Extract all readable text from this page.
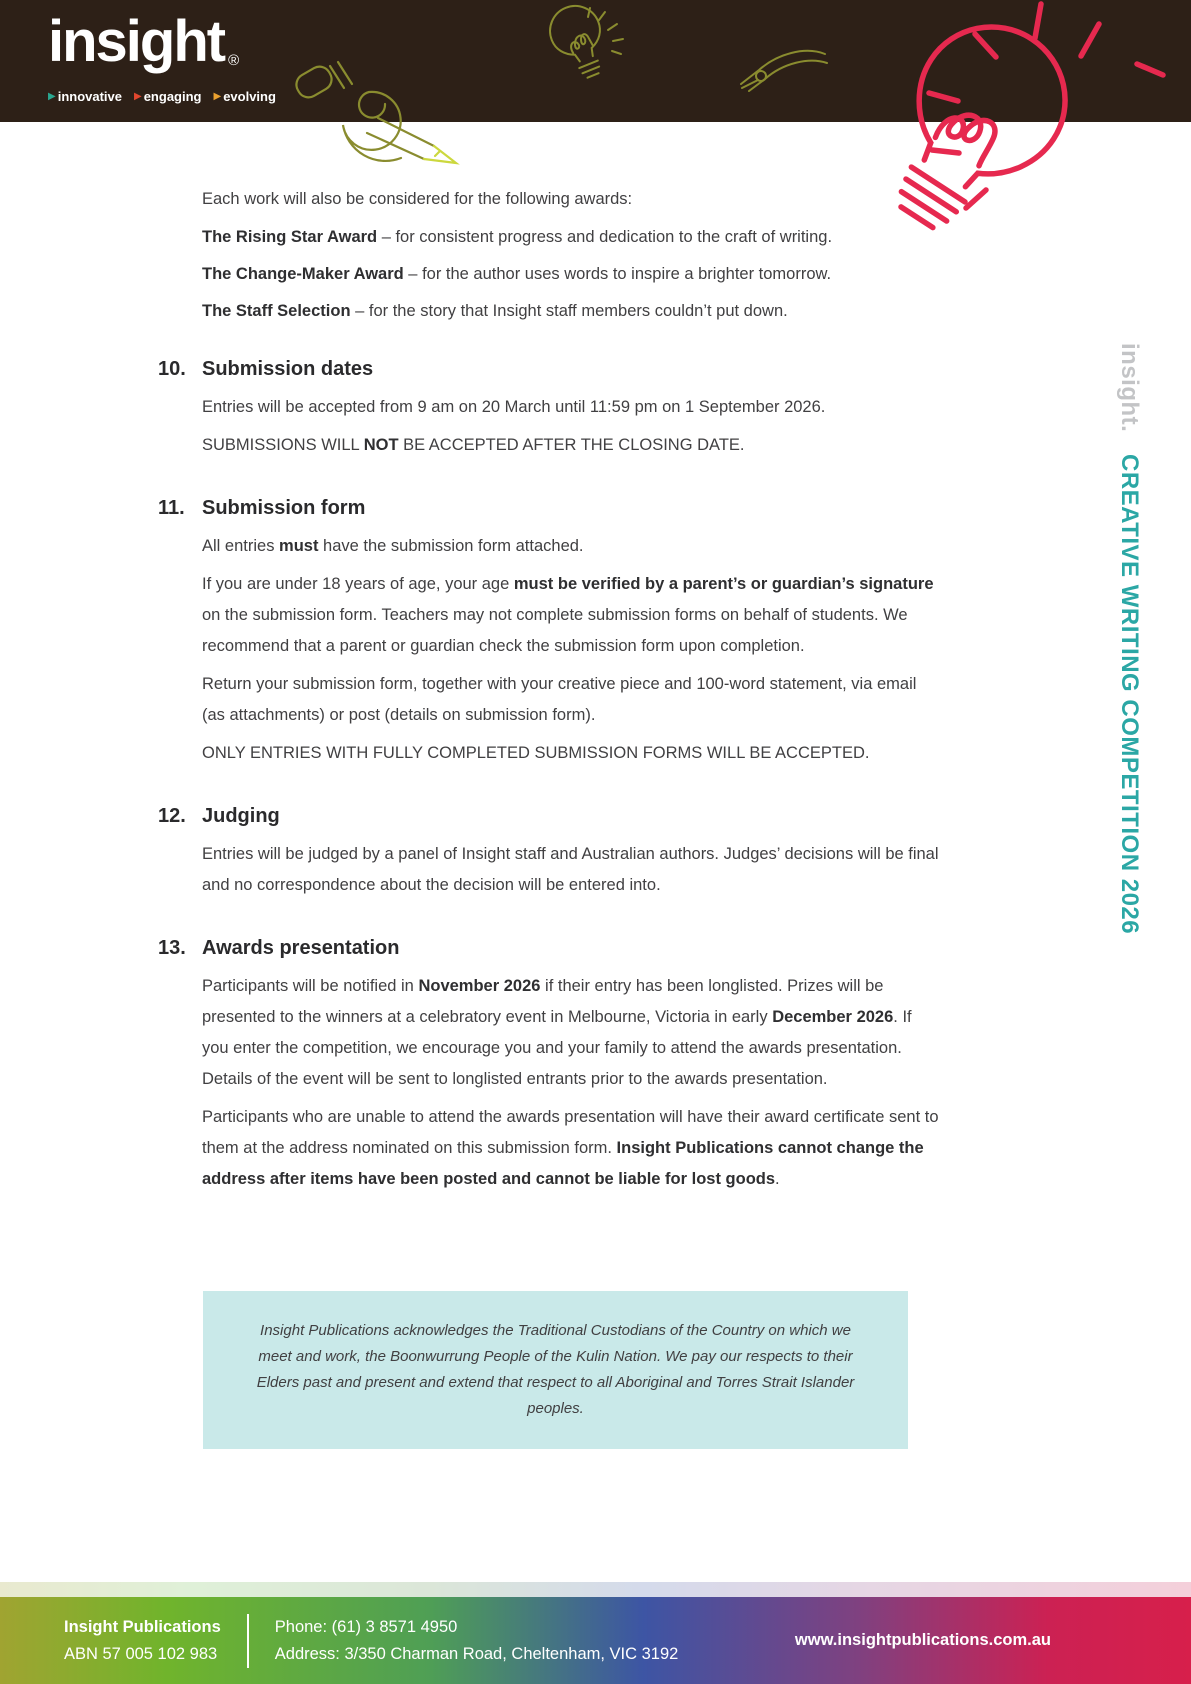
insight ®
▶ innovative ▶ engaging ▶ evolving
insight. CREATIVE WRITING COMPETITION 2026

Each work will also be considered for the following awards:

The Rising Star Award – for consistent progress and dedication to the craft of writing.

The Change-Maker Award – for the author uses words to inspire a brighter tomorrow.

The Staff Selection – for the story that Insight staff members couldn’t put down.

10. Submission dates

Entries will be accepted from 9 am on 20 March until 11:59 pm on 1 September 2026.

SUBMISSIONS WILL NOT BE ACCEPTED AFTER THE CLOSING DATE.

11. Submission form

All entries must have the submission form attached.

If you are under 18 years of age, your age must be verified by a parent’s or guardian’s signature on the submission form. Teachers may not complete submission forms on behalf of students. We recommend that a parent or guardian check the submission form upon completion.

Return your submission form, together with your creative piece and 100-word statement, via email (as attachments) or post (details on submission form).

ONLY ENTRIES WITH FULLY COMPLETED SUBMISSION FORMS WILL BE ACCEPTED.

12. Judging

Entries will be judged by a panel of Insight staff and Australian authors. Judges’ decisions will be final and no correspondence about the decision will be entered into.

13. Awards presentation

Participants will be notified in November 2026 if their entry has been longlisted. Prizes will be presented to the winners at a celebratory event in Melbourne, Victoria in early December 2026. If you enter the competition, we encourage you and your family to attend the awards presentation. Details of the event will be sent to longlisted entrants prior to the awards presentation.

Participants who are unable to attend the awards presentation will have their award certificate sent to them at the address nominated on this submission form. Insight Publications cannot change the address after items have been posted and cannot be liable for lost goods.

Insight Publications acknowledges the Traditional Custodians of the Country on which we meet and work, the Boonwurrung People of the Kulin Nation. We pay our respects to their Elders past and present and extend that respect to all Aboriginal and Torres Strait Islander peoples.
Insight Publications
ABN 57 005 102 983
Phone: (61) 3 8571 4950
Address: 3/350 Charman Road, Cheltenham, VIC 3192
www.insightpublications.com.au
